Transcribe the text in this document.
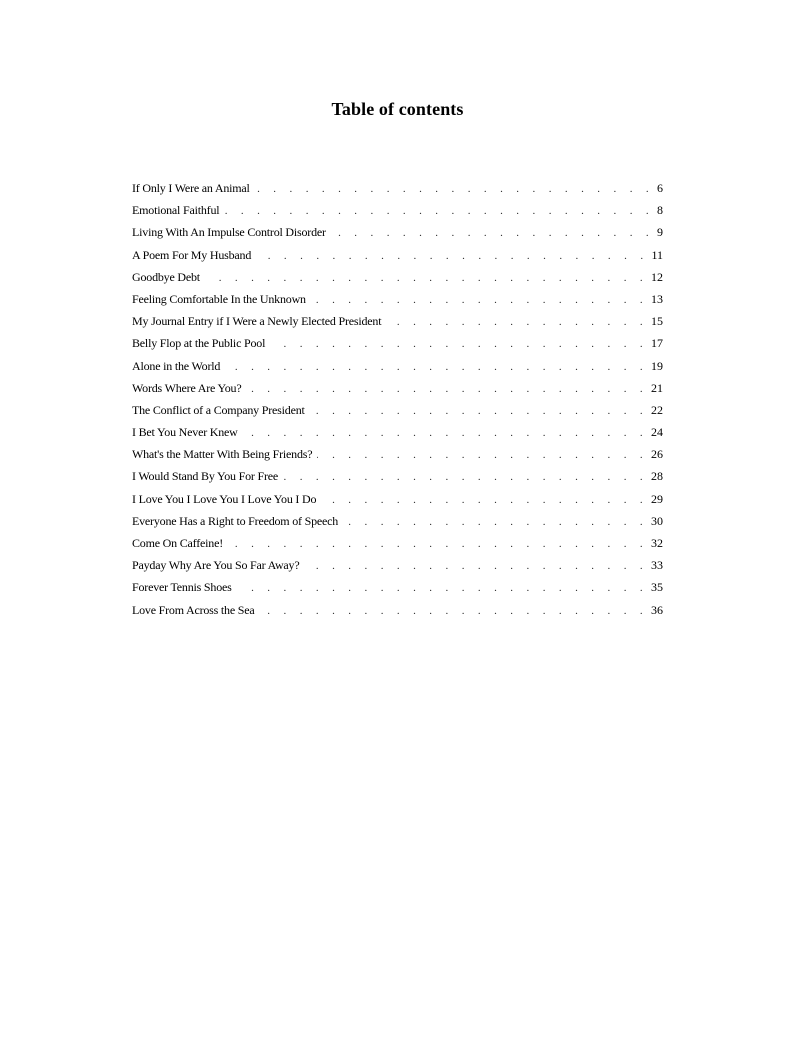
Table of contents
If Only I Were an Animal . . .	6
Emotional Faithful . . .	8
Living With An Impulse Control Disorder . . .	9
A Poem For My Husband . . .	11
Goodbye Debt . . .	12
Feeling Comfortable In the Unknown . . .	13
My Journal Entry if I Were a Newly Elected President . . .	15
Belly Flop at the Public Pool . . .	17
Alone in the World . . .	19
Words Where Are You? . . .	21
The Conflict of a Company President . . .	22
I Bet You Never Knew . . .	24
What's the Matter With Being Friends? . . .	26
I Would Stand By You For Free . . .	28
I Love You I Love You I Love You I Do . . .	29
Everyone Has a Right to Freedom of Speech . . .	30
Come On Caffeine! . . .	32
Payday Why Are You So Far Away? . . .	33
Forever Tennis Shoes . . .	35
Love From Across the Sea . . .	36
